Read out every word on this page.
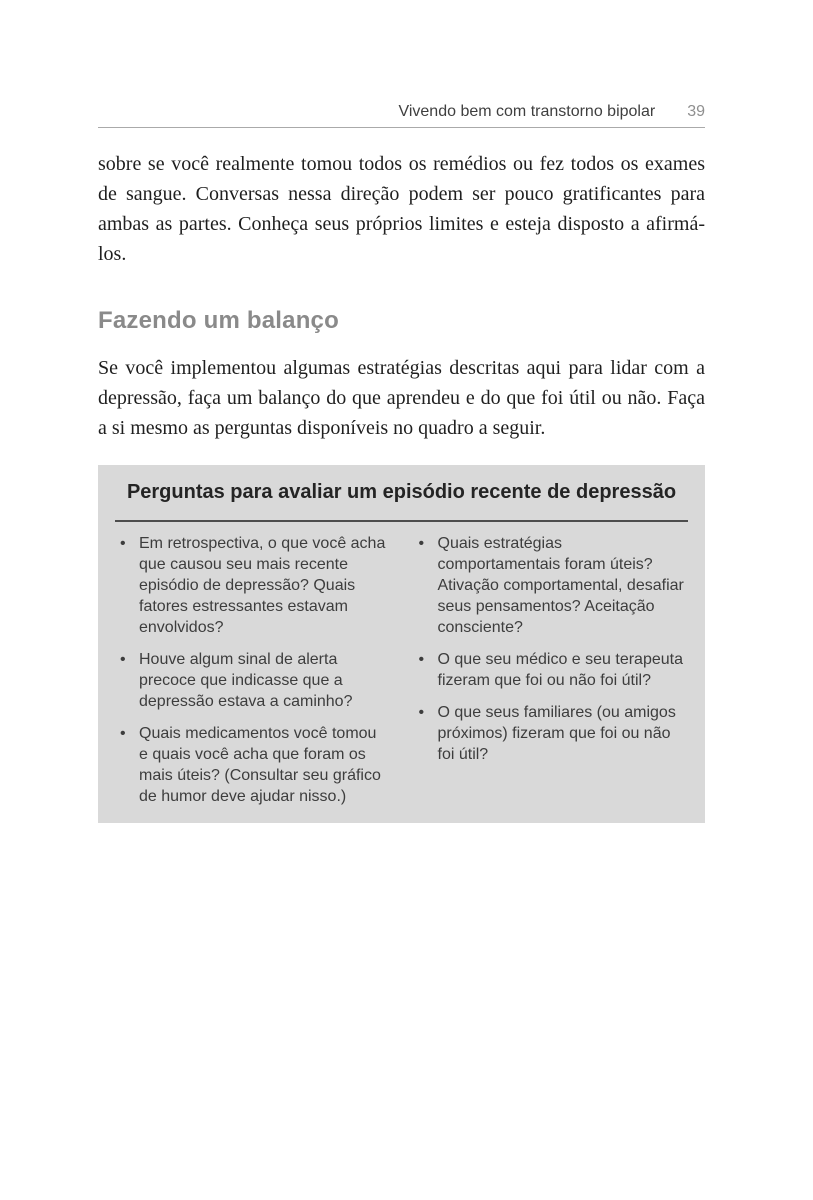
Vivendo bem com transtorno bipolar 39

sobre se você realmente tomou todos os remédios ou fez todos os exames de sangue. Conversas nessa direção podem ser pouco gratificantes para ambas as partes. Conheça seus próprios limites e esteja disposto a afirmá-los.

Fazendo um balanço

Se você implementou algumas estratégias descritas aqui para lidar com a depressão, faça um balanço do que aprendeu e do que foi útil ou não. Faça a si mesmo as perguntas disponíveis no quadro a seguir.

Perguntas para avaliar um episódio recente de depressão
• Em retrospectiva, o que você acha que causou seu mais recente episódio de depressão? Quais fatores estressantes estavam envolvidos?
• Houve algum sinal de alerta precoce que indicasse que a depressão estava a caminho?
• Quais medicamentos você tomou e quais você acha que foram os mais úteis? (Consultar seu gráfico de humor deve ajudar nisso.)
• Quais estratégias comportamentais foram úteis? Ativação comportamental, desafiar seus pensamentos? Aceitação consciente?
• O que seu médico e seu terapeuta fizeram que foi ou não foi útil?
• O que seus familiares (ou amigos próximos) fizeram que foi ou não foi útil?
